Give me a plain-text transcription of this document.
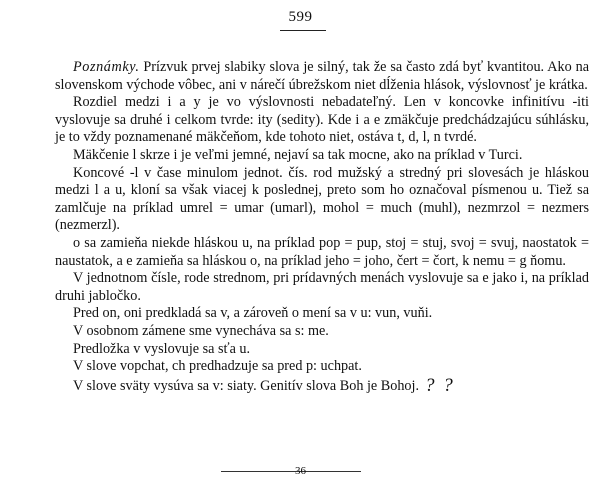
599

Poznámky. Prízvuk prvej slabiky slova je silný, tak že sa často zdá byť kvantitou. Ako na slovenskom východe vôbec, ani v nárečí úbrežskom niet dĺženia hlások, výslovnosť je krátka.

Rozdiel medzi i a y je vo výslovnosti nebadateľný. Len v koncovke infinitívu -iti vyslovuje sa druhé i celkom tvrde: ity (sedity). Kde i a e zmäkčuje predchádzajúcu súhlásku, je to vždy poznamenané mäkčeňom, kde tohoto niet, ostáva t, d, l, n tvrdé.

Mäkčenie l skrze i je veľmi jemné, nejaví sa tak mocne, ako na príklad v Turci.

Koncové -l v čase minulom jednot. čís. rod mužský a stredný pri slovesách je hláskou medzi l a u, kloní sa však viacej k poslednej, preto som ho označoval písmenou u. Tiež sa zamlčuje na príklad umrel = umar (umarl), mohol = much (muhl), nezmrzol = nezmers (nezmerzl).

o sa zamieňa niekde hláskou u, na príklad pop = pup, stoj = stuj, svoj = svuj, naostatok = naustatok, a e zamieňa sa hláskou o, na príklad jeho = joho, čert = čort, k nemu = g ňomu.

V jednotnom čísle, rode strednom, pri prídavných menách vyslovuje sa e jako i, na príklad druhi jabločko.

Pred on, oni predkladá sa v, a zároveň o mení sa v u: vun, vuňi.

V osobnom zámene sme vynecháva sa s: mе.

Predložka v vyslovuje sa sťa u.

V slove vopchat, ch predhadzuje sa pred p: uchpat.

V slove sväty vysúva sa v: siaty. Genitív slova Boh je Bohoj. ? ?

36
